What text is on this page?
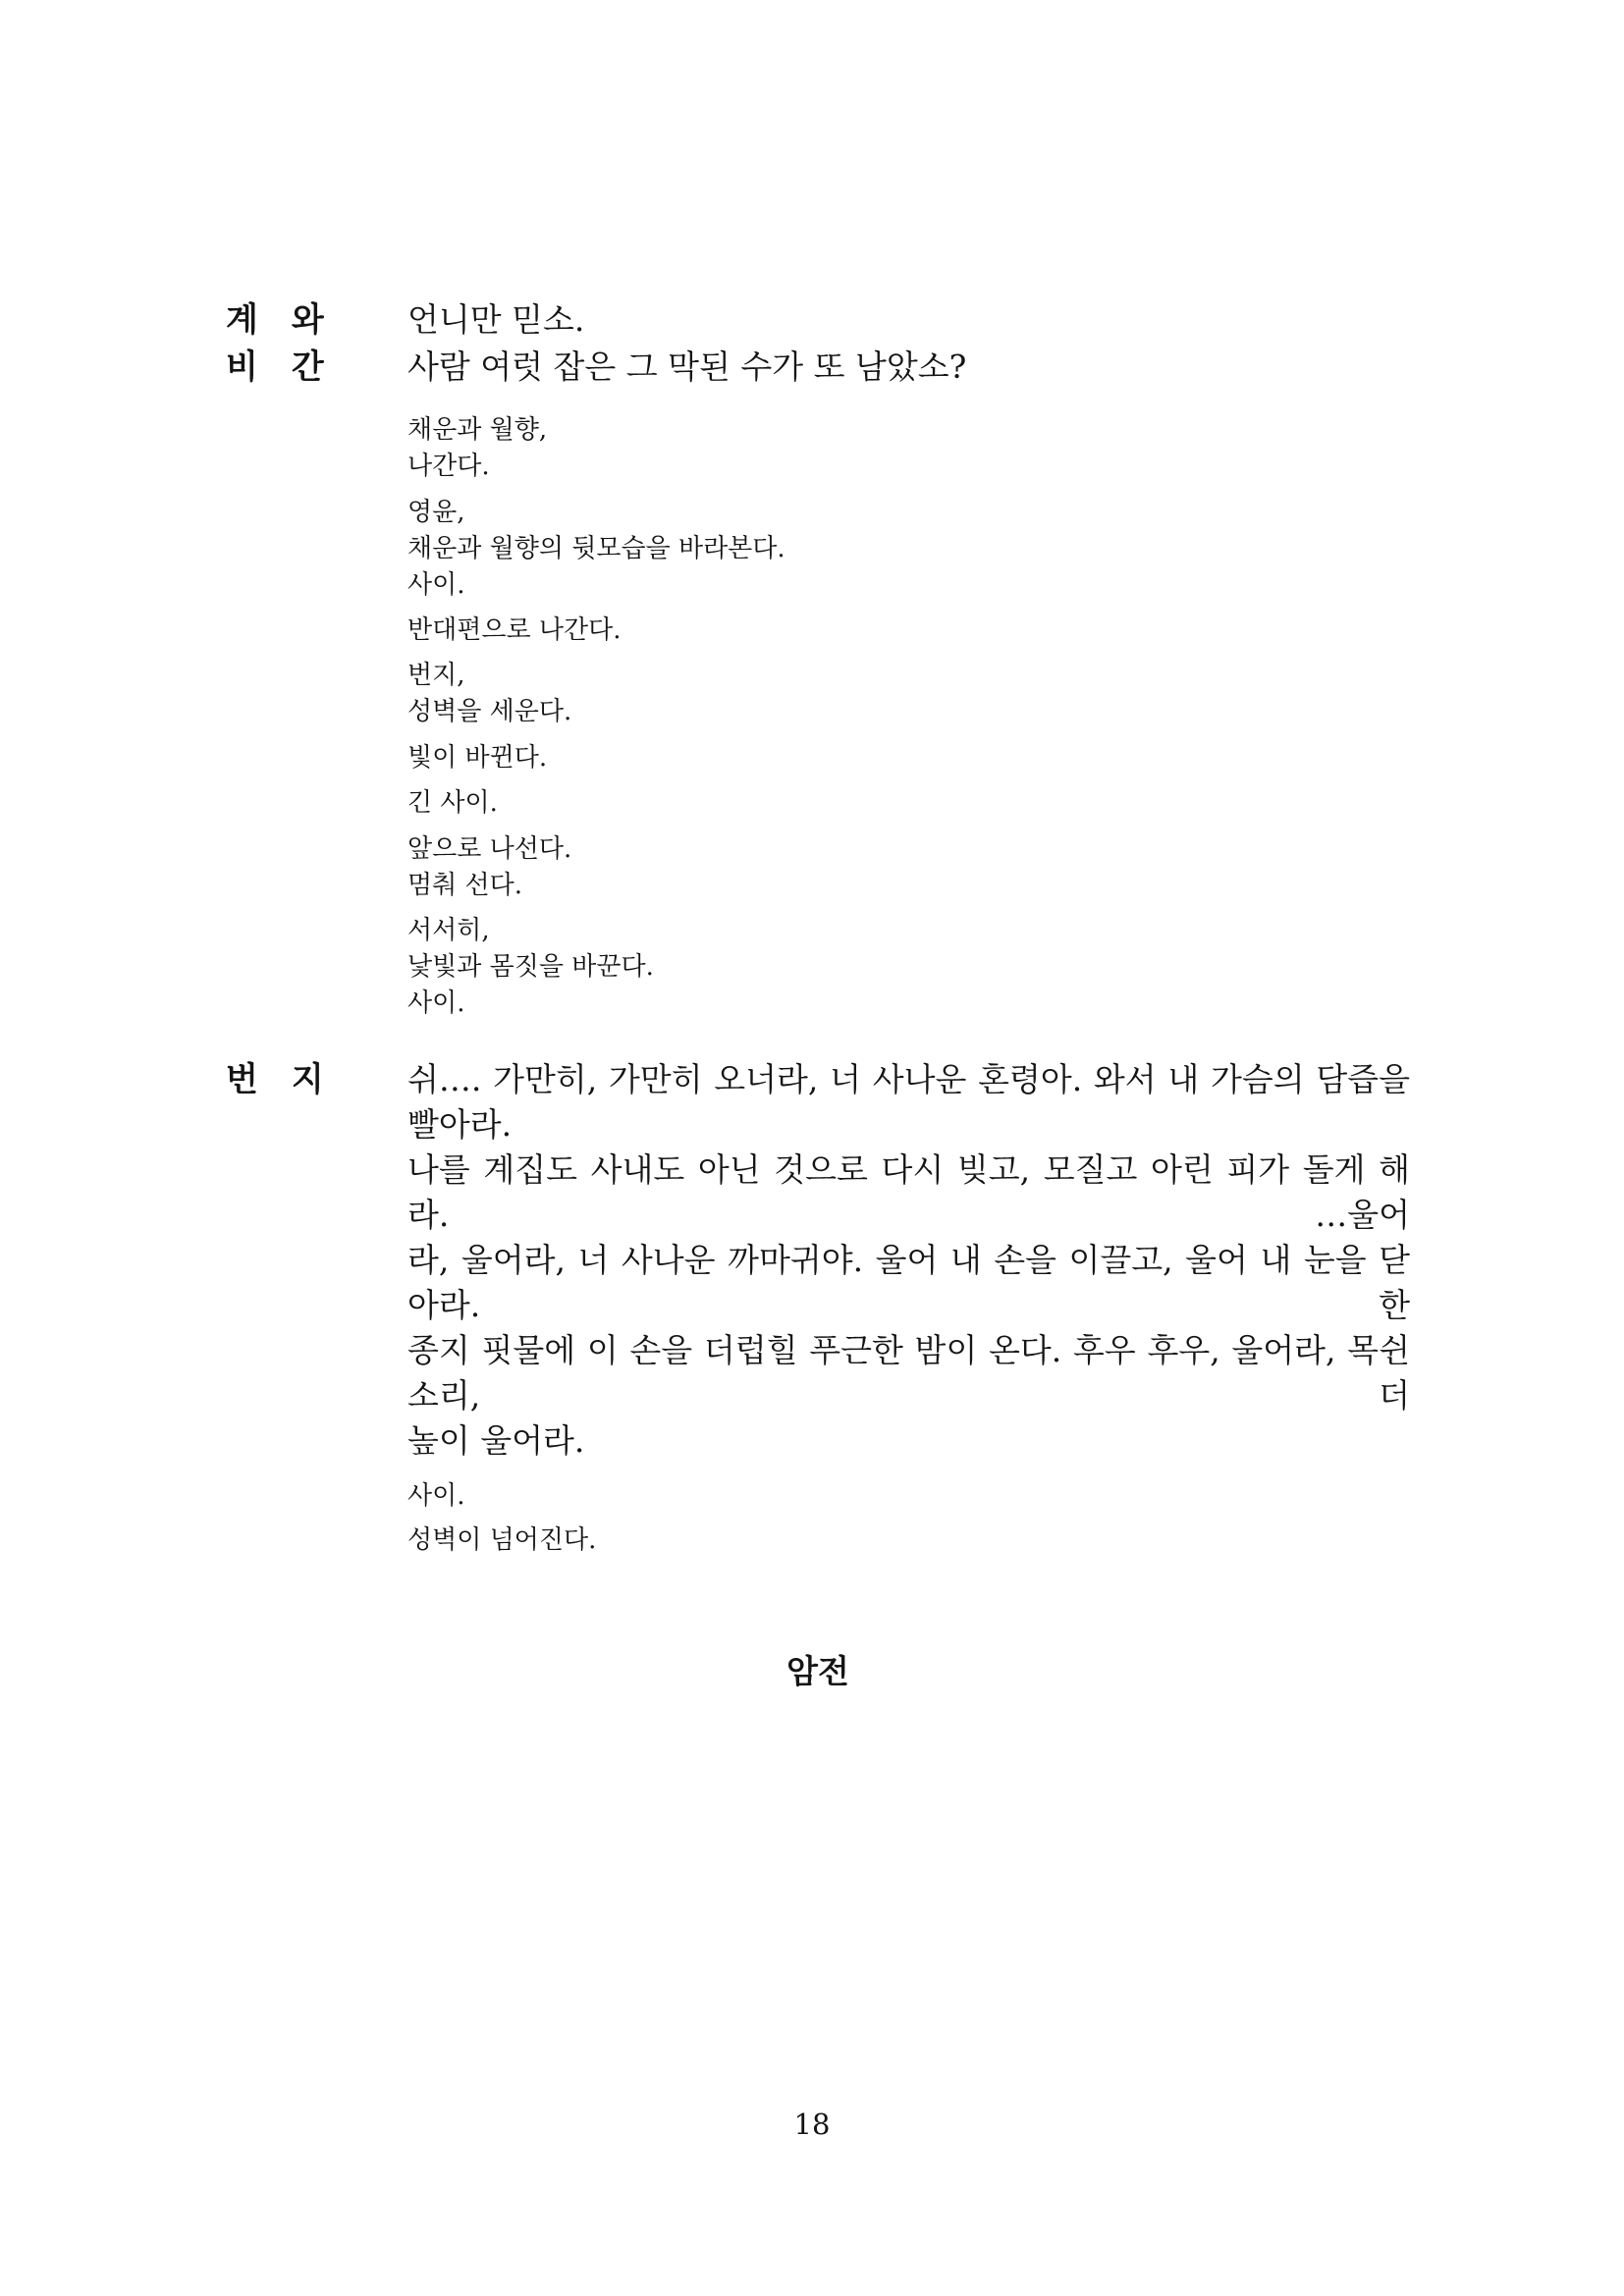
계　와
비　간
언니만 믿소.
사람 여럿 잡은 그 막된 수가 또 남았소?
채운과 월향,
나간다.
영윤,
채운과 월향의 뒷모습을 바라본다.
사이.
반대편으로 나간다.
번지,
성벽을 세운다.
빛이 바뀐다.
긴 사이.
앞으로 나선다.
멈춰 선다.
서서히,
낯빛과 몸짓을 바꾼다.
사이.
번　지	쉬…. 가만히, 가만히 오너라, 너 사나운 혼령아. 와서 내 가슴의 담즙을 빨아라.
나를 계집도 사내도 아닌 것으로 다시 빚고, 모질고 아린 피가 돌게 해라. …울어
라, 울어라, 너 사나운 까마귀야. 울어 내 손을 이끌고, 울어 내 눈을 닫아라. 한
종지 핏물에 이 손을 더럽힐 푸근한 밤이 온다. 후우 후우, 울어라, 목쉰 소리, 더
높이 울어라.
사이.
성벽이 넘어진다.
암전
18
